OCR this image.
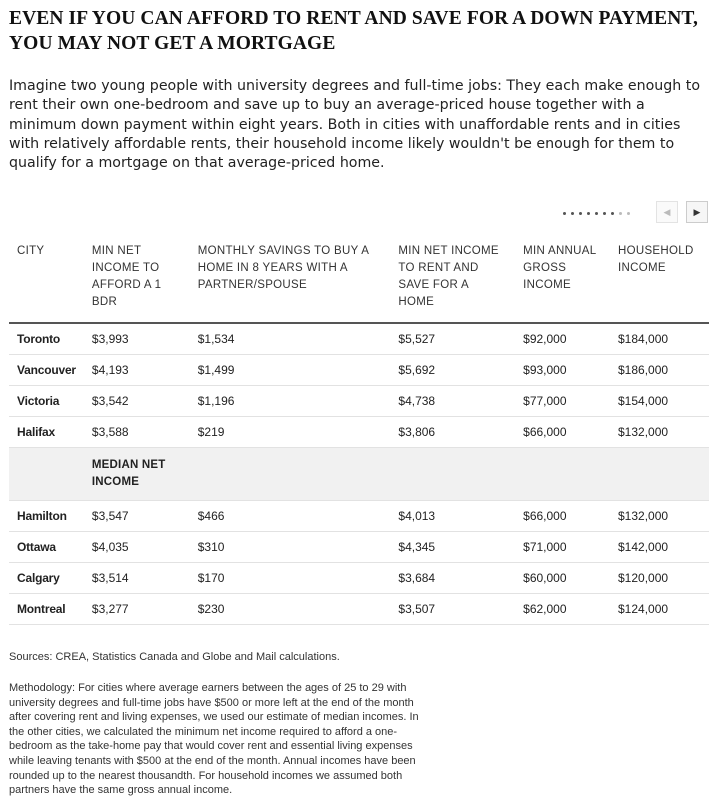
EVEN IF YOU CAN AFFORD TO RENT AND SAVE FOR A DOWN PAYMENT, YOU MAY NOT GET A MORTGAGE

Imagine two young people with university degrees and full-time jobs: They each make enough to rent their own one-bedroom and save up to buy an average-priced house together with a minimum down payment within eight years. Both in cities with unaffordable rents and in cities with relatively affordable rents, their household income likely wouldn't be enough for them to qualify for a mortgage on that average-priced home.

◀	▶
CITY	MIN NET INCOME TO AFFORD A 1 BDR	MONTHLY SAVINGS TO BUY A HOME IN 8 YEARS WITH A PARTNER/SPOUSE	MIN NET INCOME TO RENT AND SAVE FOR A HOME	MIN ANNUAL GROSS INCOME	HOUSEHOLD INCOME
Toronto	$3,993	$1,534	$5,527	$92,000	$184,000
Vancouver	$4,193	$1,499	$5,692	$93,000	$186,000
Victoria	$3,542	$1,196	$4,738	$77,000	$154,000
Halifax	$3,588	$219	$3,806	$66,000	$132,000

	MEDIAN NET INCOME				

Hamilton	$3,547	$466	$4,013	$66,000	$132,000
Ottawa	$4,035	$310	$4,345	$71,000	$142,000
Calgary	$3,514	$170	$3,684	$60,000	$120,000
Montreal	$3,277	$230	$3,507	$62,000	$124,000

Sources: CREA, Statistics Canada and Globe and Mail calculations.

Methodology: For cities where average earners between the ages of 25 to 29 with university degrees and full-time jobs have $500 or more left at the end of the month after covering rent and living expenses, we used our estimate of median incomes. In the other cities, we calculated the minimum net income required to afford a one-bedroom as the take-home pay that would cover rent and essential living expenses while leaving tenants with $500 at the end of the month. Annual incomes have been rounded up to the nearest thousandth. For household incomes we assumed both partners have the same gross annual income.
